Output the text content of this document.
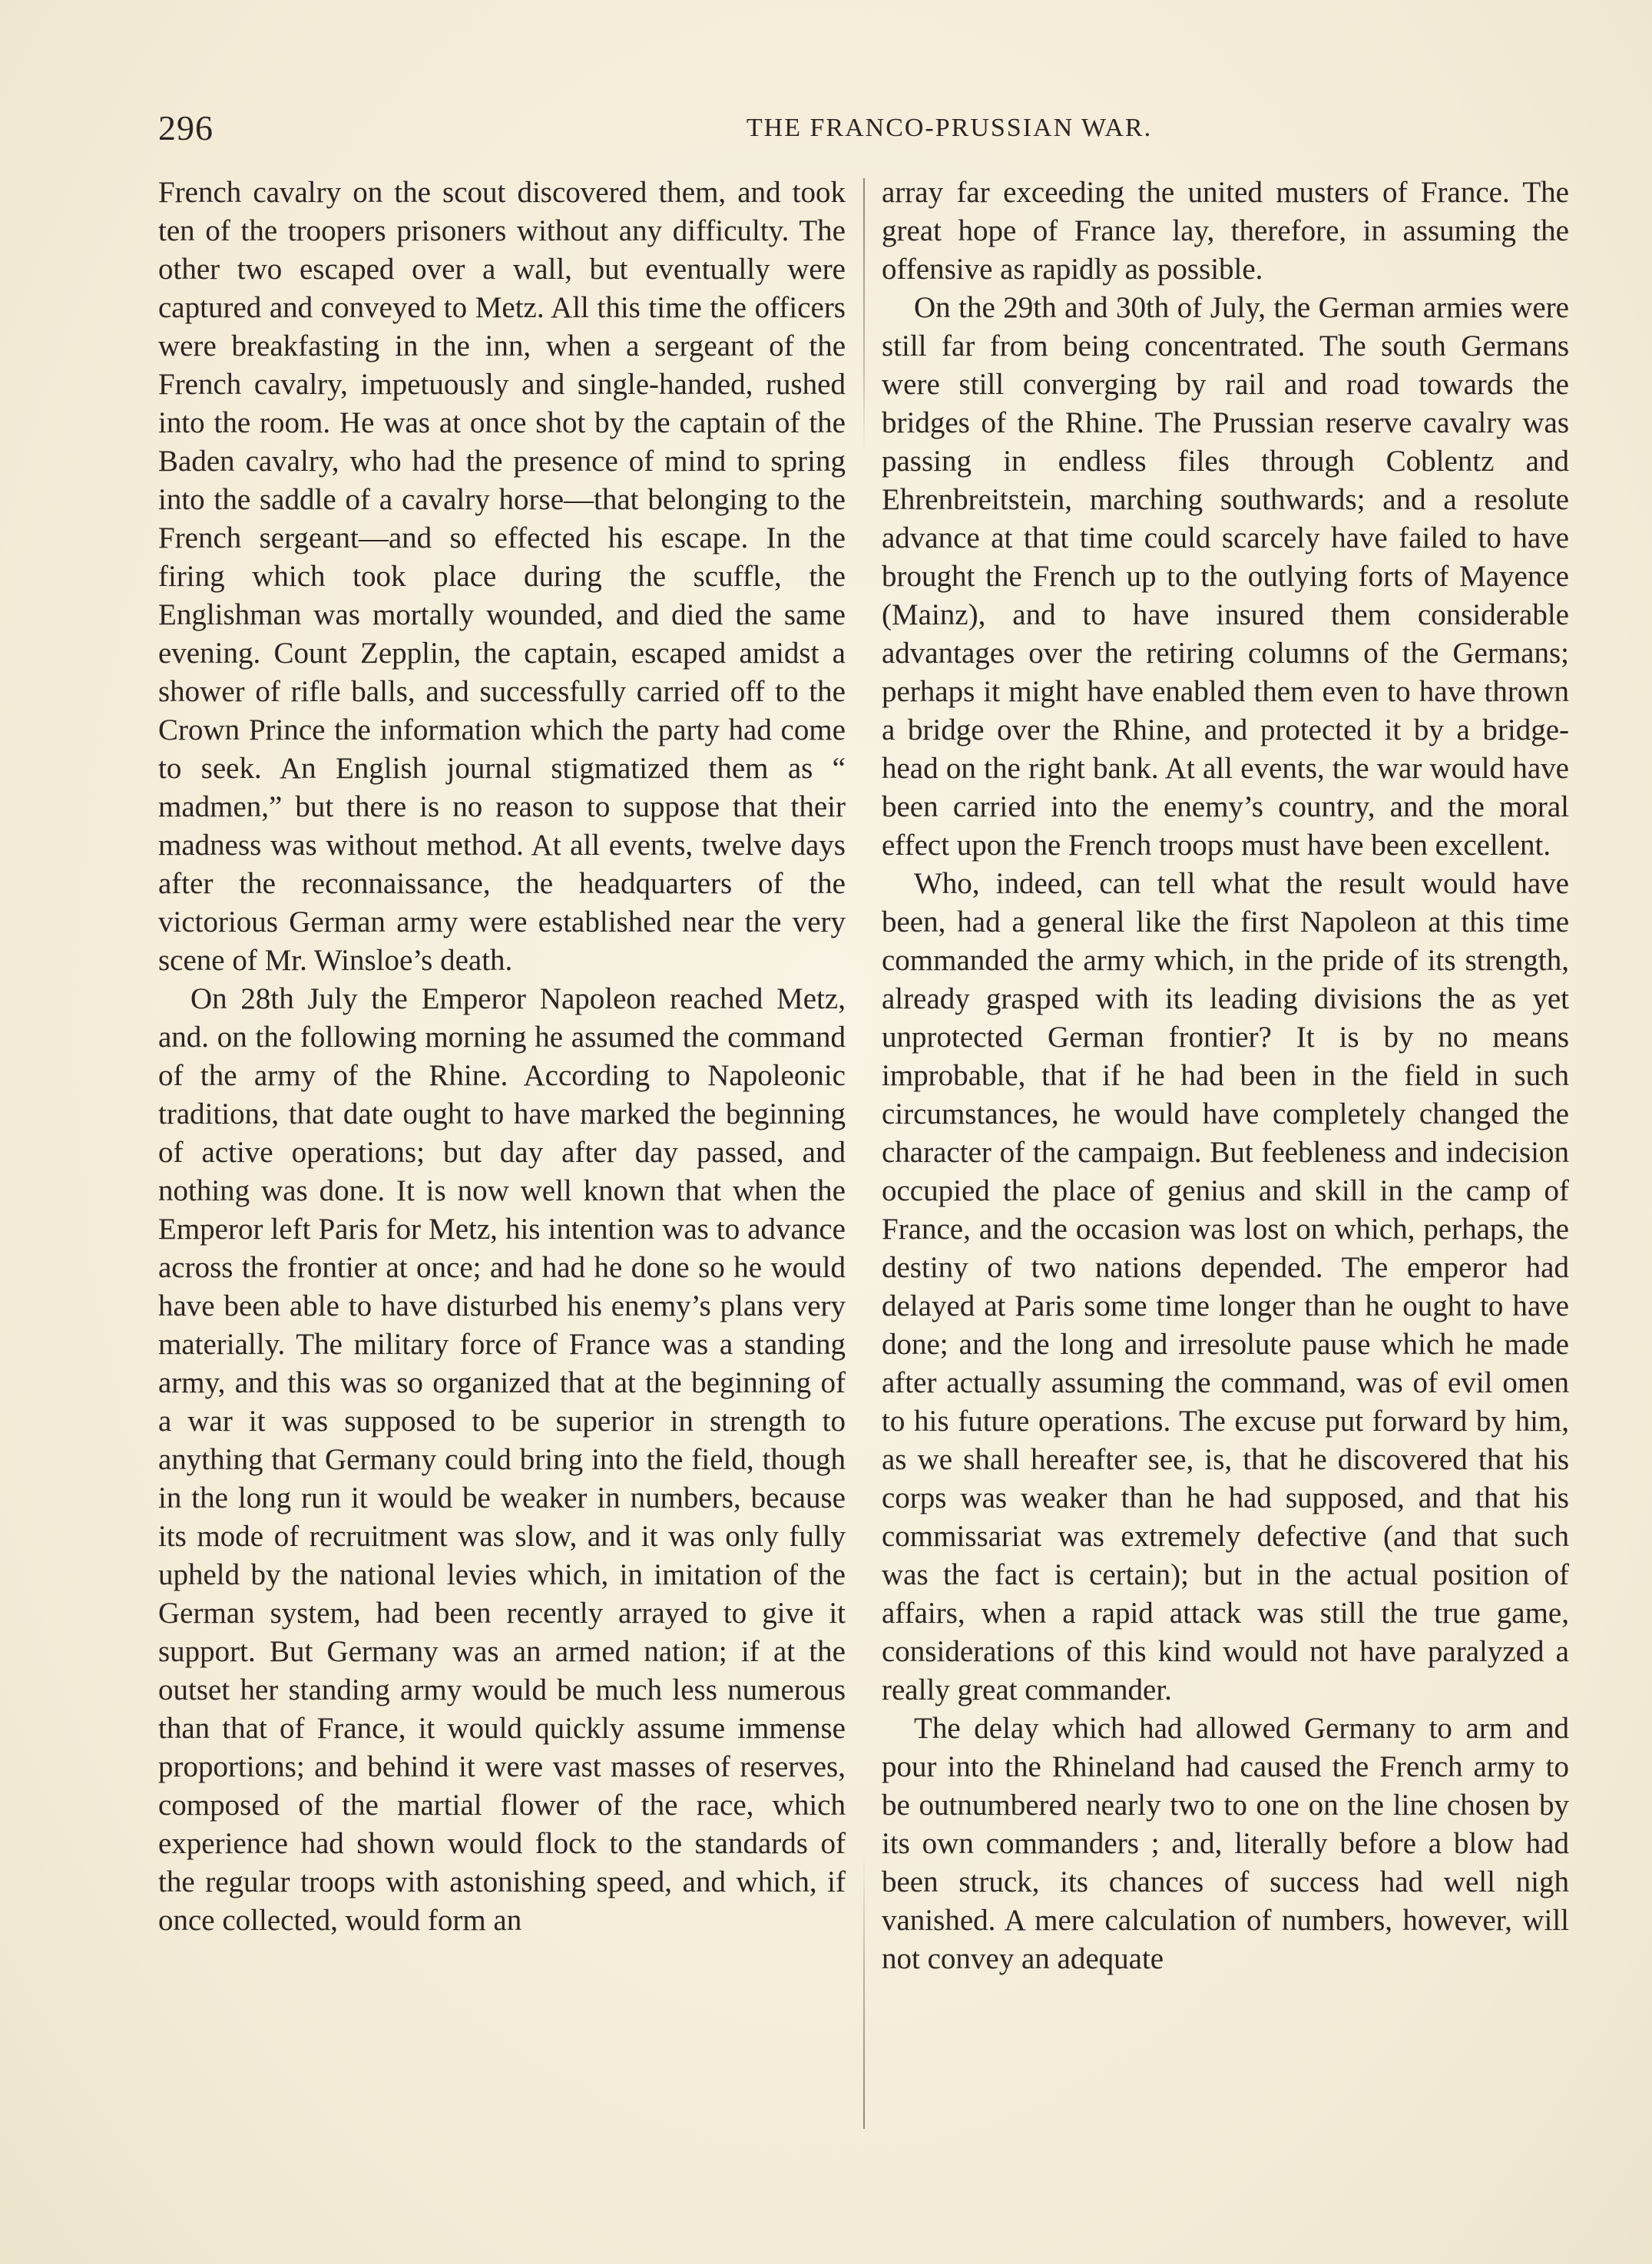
296	THE FRANCO-PRUSSIAN WAR.

French cavalry on the scout discovered them, and took ten of the troopers prisoners without any difficulty. The other two escaped over a wall, but eventually were captured and conveyed to Metz. All this time the officers were breakfasting in the inn, when a sergeant of the French cavalry, impetuously and single-handed, rushed into the room. He was at once shot by the captain of the Baden cavalry, who had the presence of mind to spring into the saddle of a cavalry horse—that belonging to the French sergeant—and so effected his escape. In the firing which took place during the scuffle, the Englishman was mortally wounded, and died the same evening. Count Zepplin, the captain, escaped amidst a shower of rifle balls, and successfully carried off to the Crown Prince the information which the party had come to seek. An English journal stigmatized them as “ madmen,” but there is no reason to suppose that their madness was without method. At all events, twelve days after the reconnaissance, the headquarters of the victorious German army were established near the very scene of Mr. Winsloe’s death.

On 28th July the Emperor Napoleon reached Metz, and. on the following morning he assumed the command of the army of the Rhine. According to Napoleonic traditions, that date ought to have marked the beginning of active operations; but day after day passed, and nothing was done. It is now well known that when the Emperor left Paris for Metz, his intention was to advance across the frontier at once; and had he done so he would have been able to have disturbed his enemy’s plans very materially. The military force of France was a standing army, and this was so organized that at the beginning of a war it was supposed to be superior in strength to anything that Germany could bring into the field, though in the long run it would be weaker in numbers, because its mode of recruitment was slow, and it was only fully upheld by the national levies which, in imitation of the German system, had been recently arrayed to give it support. But Germany was an armed nation; if at the outset her standing army would be much less numerous than that of France, it would quickly assume immense proportions; and behind it were vast masses of reserves, composed of the martial flower of the race, which experience had shown would flock to the standards of the regular troops with astonishing speed, and which, if once collected, would form an

array far exceeding the united musters of France. The great hope of France lay, therefore, in assuming the offensive as rapidly as possible.

On the 29th and 30th of July, the German armies were still far from being concentrated. The south Germans were still converging by rail and road towards the bridges of the Rhine. The Prussian reserve cavalry was passing in endless files through Coblentz and Ehrenbreitstein, marching southwards; and a resolute advance at that time could scarcely have failed to have brought the French up to the outlying forts of Mayence (Mainz), and to have insured them considerable advantages over the retiring columns of the Germans; perhaps it might have enabled them even to have thrown a bridge over the Rhine, and protected it by a bridge-head on the right bank. At all events, the war would have been carried into the enemy’s country, and the moral effect upon the French troops must have been excellent.

Who, indeed, can tell what the result would have been, had a general like the first Napoleon at this time commanded the army which, in the pride of its strength, already grasped with its leading divisions the as yet unprotected German frontier? It is by no means improbable, that if he had been in the field in such circumstances, he would have completely changed the character of the campaign. But feebleness and indecision occupied the place of genius and skill in the camp of France, and the occasion was lost on which, perhaps, the destiny of two nations depended. The emperor had delayed at Paris some time longer than he ought to have done; and the long and irresolute pause which he made after actually assuming the command, was of evil omen to his future operations. The excuse put forward by him, as we shall hereafter see, is, that he discovered that his corps was weaker than he had supposed, and that his commissariat was extremely defective (and that such was the fact is certain); but in the actual position of affairs, when a rapid attack was still the true game, considerations of this kind would not have paralyzed a really great commander.

The delay which had allowed Germany to arm and pour into the Rhineland had caused the French army to be outnumbered nearly two to one on the line chosen by its own commanders ; and, literally before a blow had been struck, its chances of success had well nigh vanished. A mere calculation of numbers, however, will not convey an adequate
